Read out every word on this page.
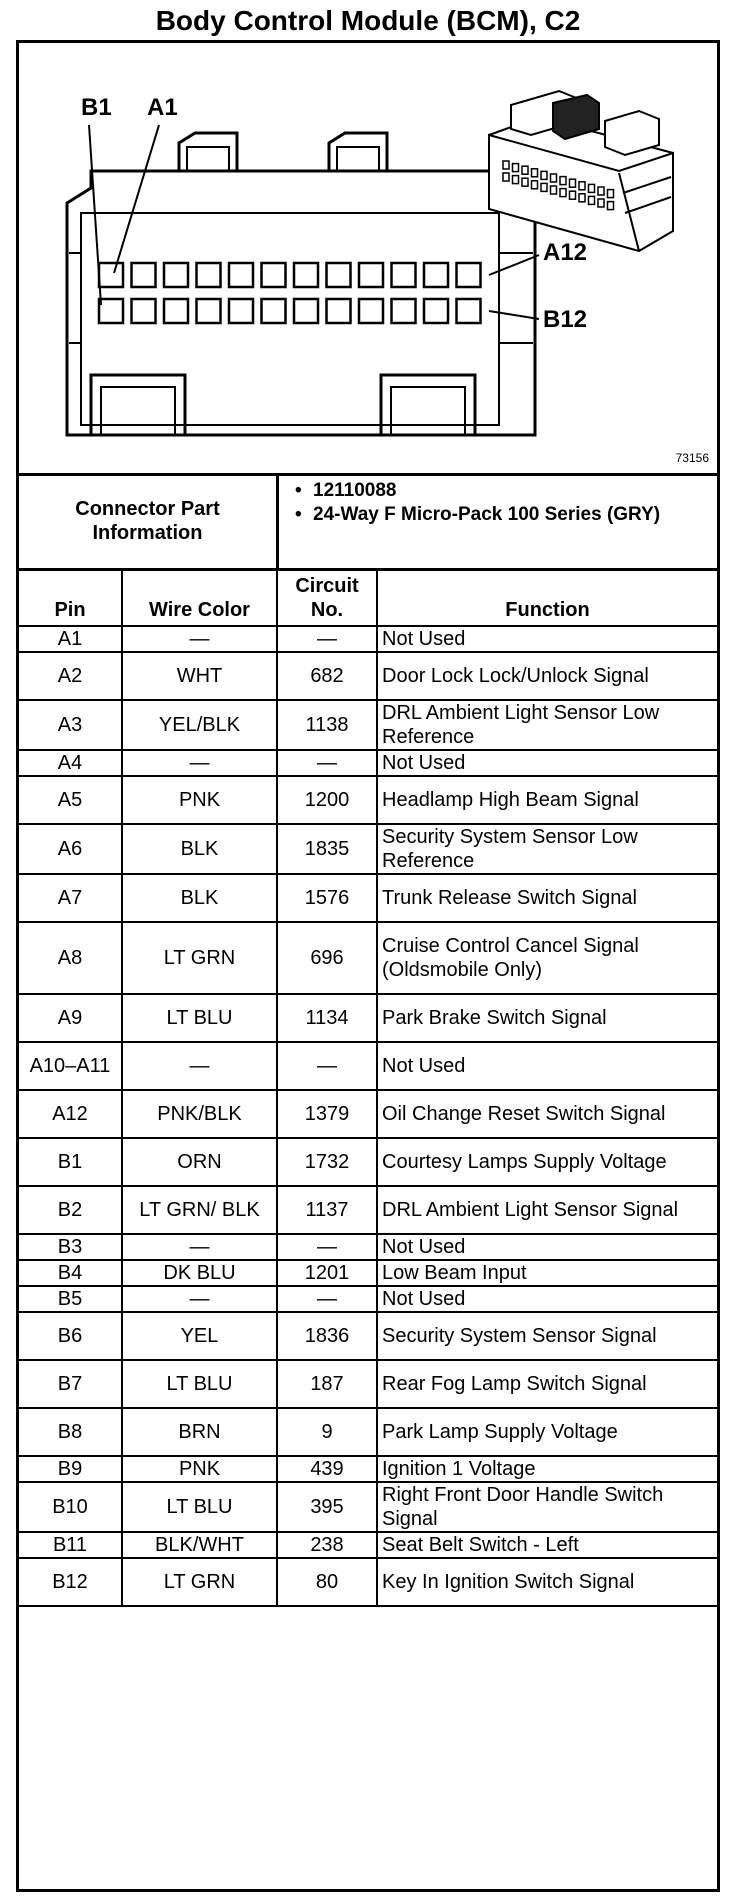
Body Control Module (BCM), C2
B1 A1
A12
B12
73156
Connector Part Information
• 12110088
• 24-Way F Micro-Pack 100 Series (GRY)
Pin	Wire Color	Circuit No.	Function
A1	—	—	Not Used
A2	WHT	682	Door Lock Lock/Unlock Signal
A3	YEL/BLK	1138	DRL Ambient Light Sensor Low Reference
A4	—	—	Not Used
A5	PNK	1200	Headlamp High Beam Signal
A6	BLK	1835	Security System Sensor Low Reference
A7	BLK	1576	Trunk Release Switch Signal
A8	LT GRN	696	Cruise Control Cancel Signal (Oldsmobile Only)
A9	LT BLU	1134	Park Brake Switch Signal
A10–A11	—	—	Not Used
A12	PNK/BLK	1379	Oil Change Reset Switch Signal
B1	ORN	1732	Courtesy Lamps Supply Voltage
B2	LT GRN/ BLK	1137	DRL Ambient Light Sensor Signal
B3	—	—	Not Used
B4	DK BLU	1201	Low Beam Input
B5	—	—	Not Used
B6	YEL	1836	Security System Sensor Signal
B7	LT BLU	187	Rear Fog Lamp Switch Signal
B8	BRN	9	Park Lamp Supply Voltage
B9	PNK	439	Ignition 1 Voltage
B10	LT BLU	395	Right Front Door Handle Switch Signal
B11	BLK/WHT	238	Seat Belt Switch - Left
B12	LT GRN	80	Key In Ignition Switch Signal
